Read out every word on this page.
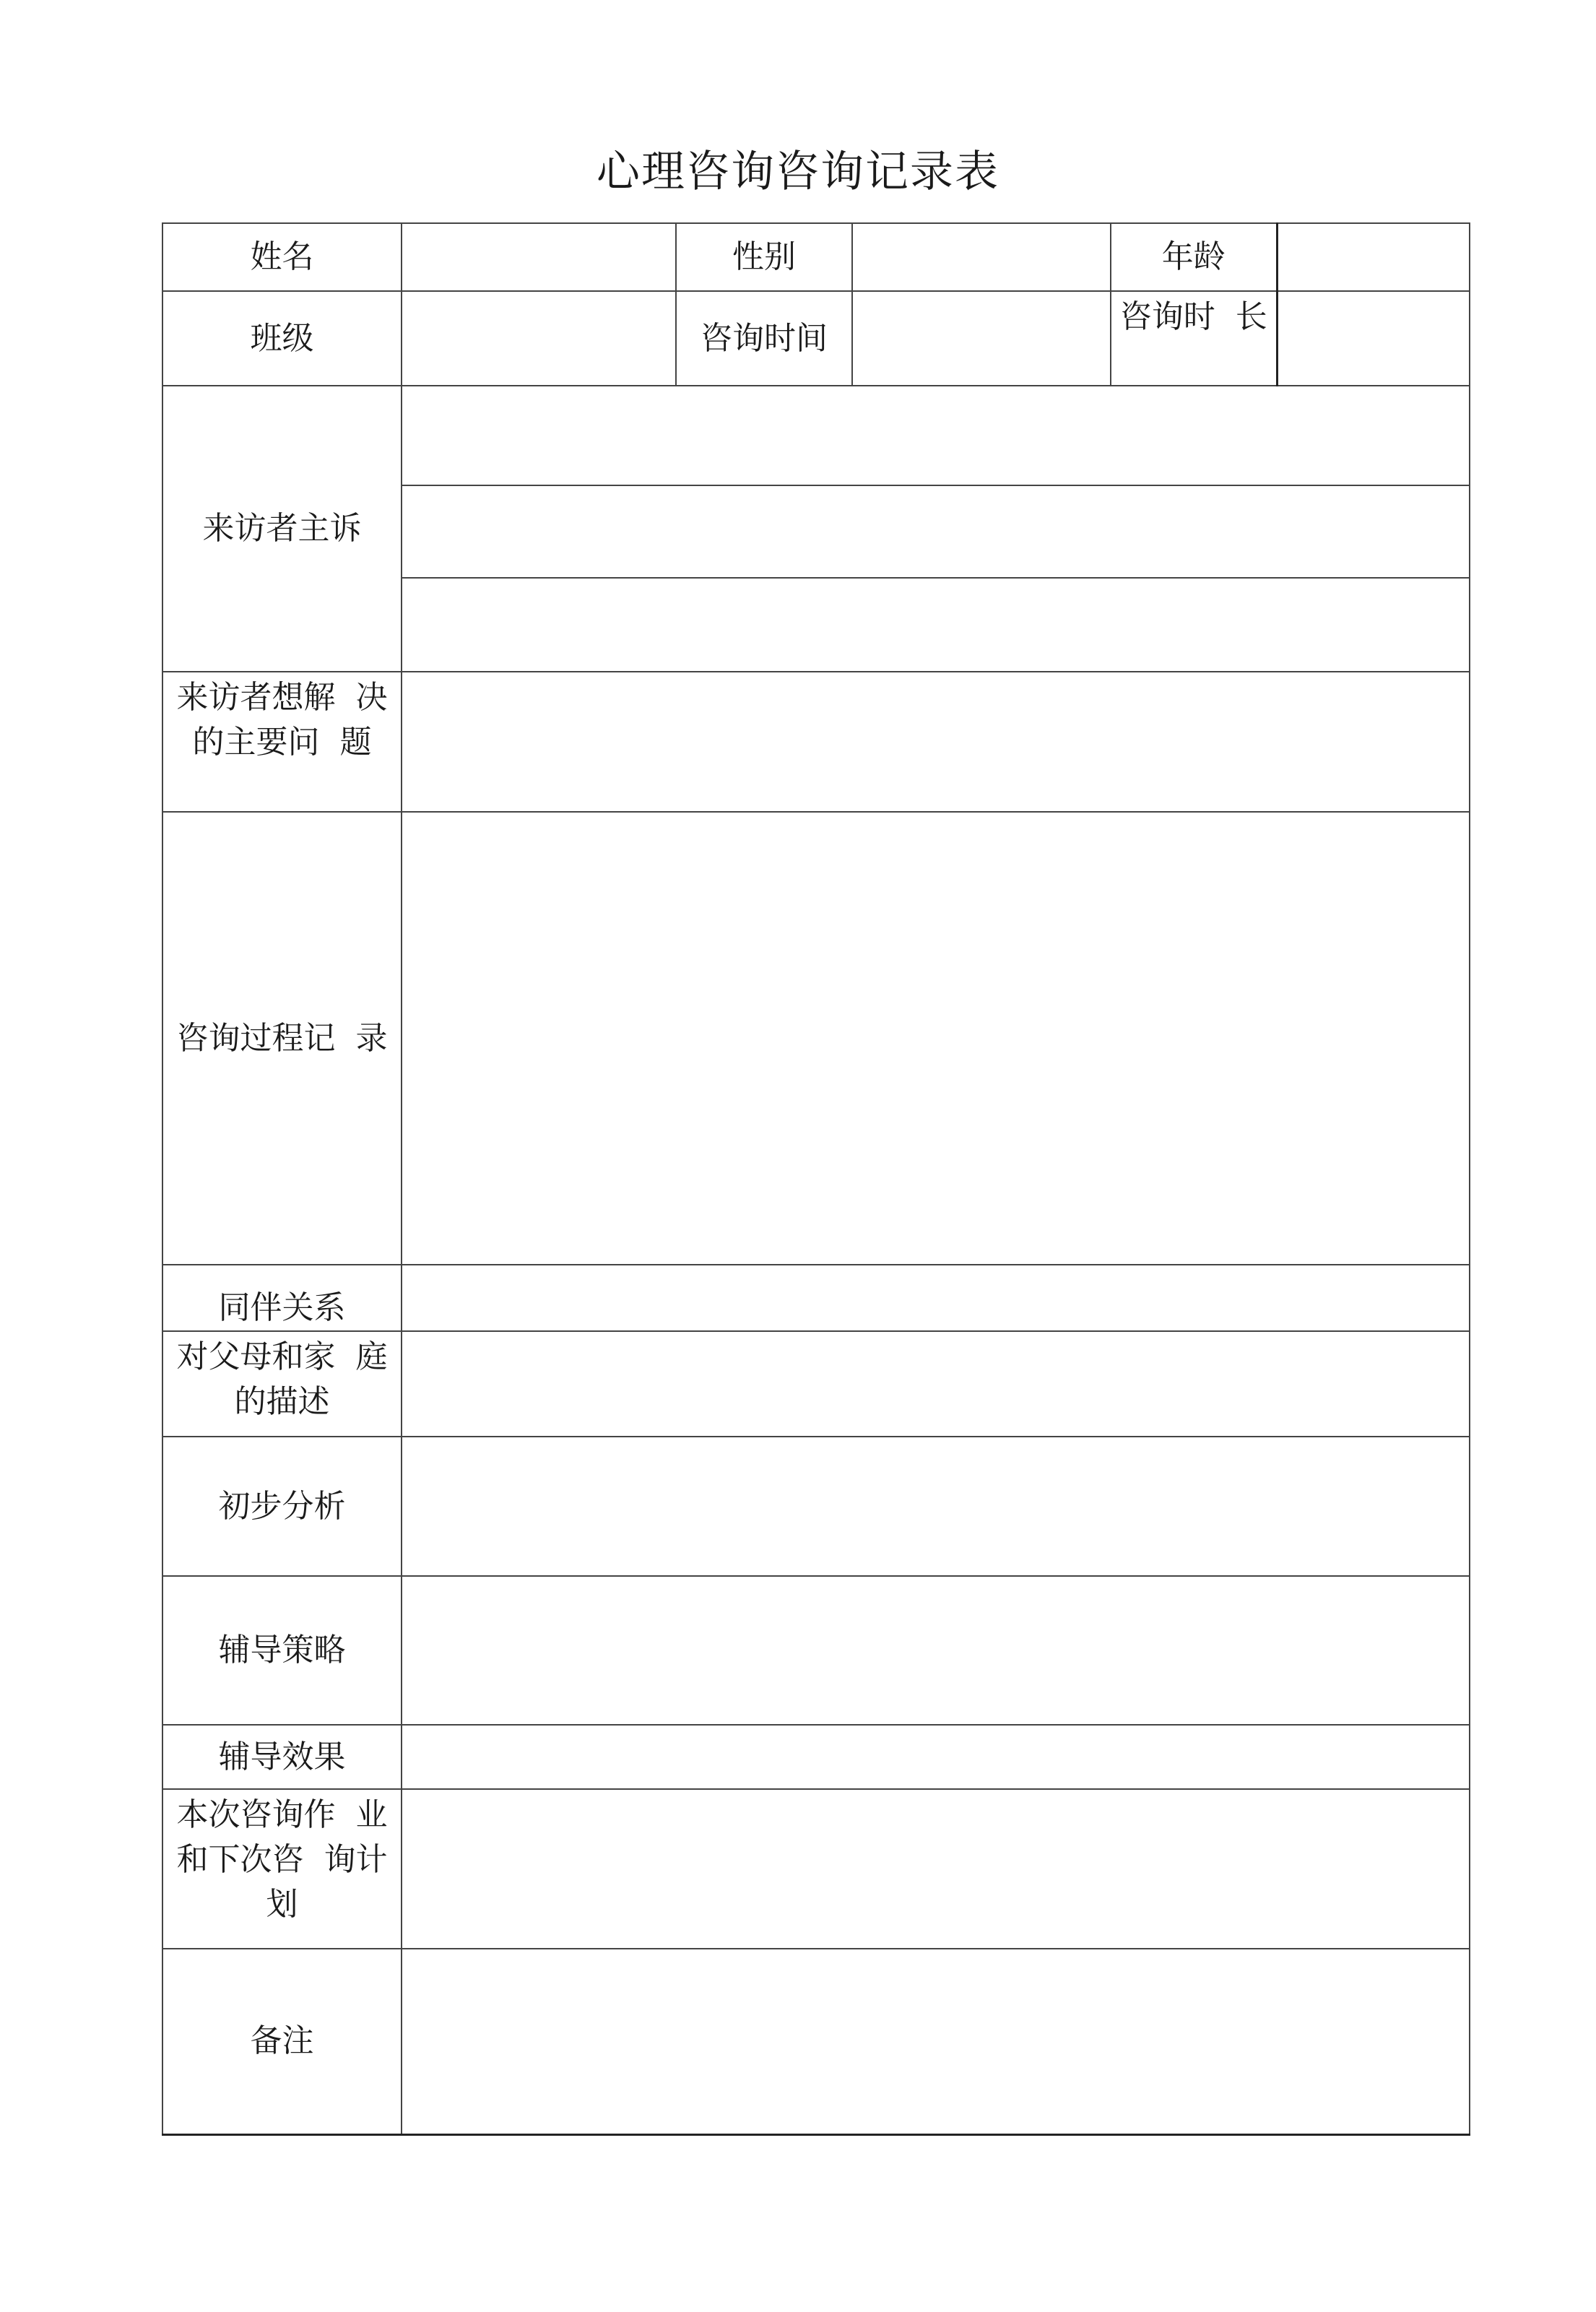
心理咨询咨询记录表
姓名		性别		年龄	
班级		咨询时间		咨询时  长	
来访者主诉					

来访者想解  决
的主要问  题					

咨询过程记  录					
同伴关系					

对父母和家  庭
的描述					

初步分析					
辅导策略					
辅导效果					

本次咨询作  业
和下次咨  询计
划					

备注					
